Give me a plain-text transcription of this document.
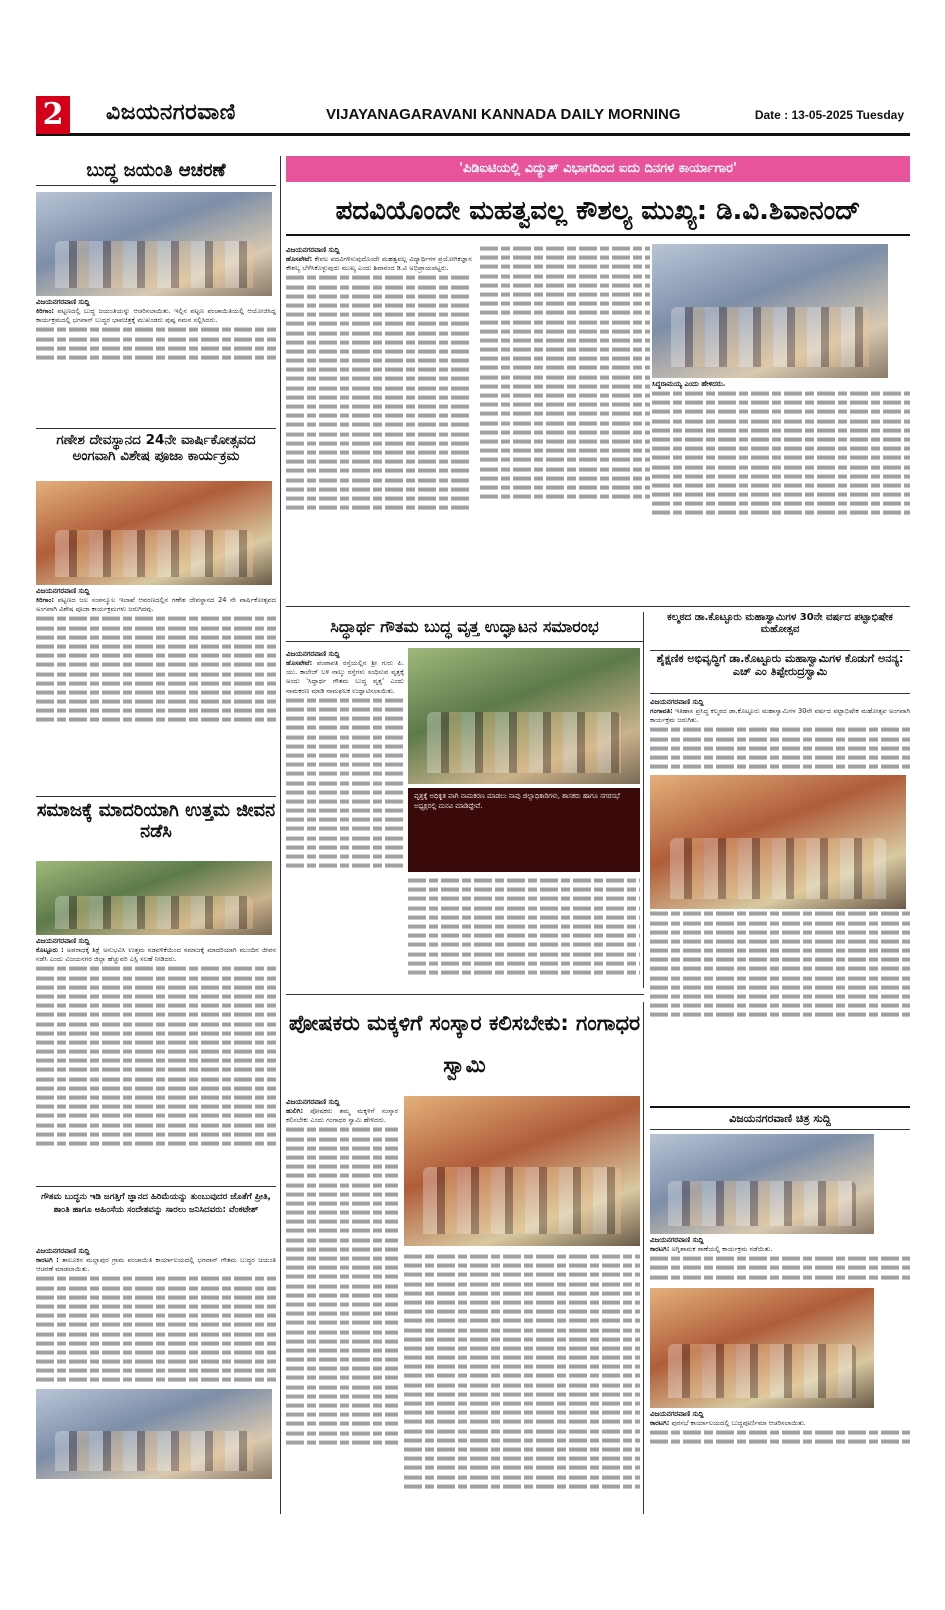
2 ವಿಜಯನಗರವಾಣಿ	VIJAYANAGARAVANI KANNADA DAILY MORNING	Date : 13-05-2025 Tuesday
ಬುದ್ಧ ಜಯಂತಿ ಆಚರಣೆ
ವಿಜಯನಗರವಾಣಿ ಸುದ್ದಿ
ಕಿರಿಗಾಂ: ಪಟ್ಟಣದಲ್ಲಿ ಬುದ್ಧ ಜಯಂತಿಯನ್ನು ಆಚರಿಸಲಾಯಿತು. ಇಲ್ಲಿನ ಪಟ್ಟಣ ಪಂಚಾಯಿತಿಯಲ್ಲಿ ಆಯೋಜಿಸಿದ್ದ ಕಾರ್ಯಕ್ರಮದಲ್ಲಿ ಭಗವಾನ್ ಬುದ್ಧರ ಭಾವಚಿತ್ರಕ್ಕೆ ಮುಖಂಡರು ಪುಷ್ಪ ನಮನ ಸಲ್ಲಿಸಿದರು.
ಗಣೇಶ ದೇವಸ್ಥಾನದ 24ನೇ ವಾರ್ಷಿಕೋತ್ಸವದ ಅಂಗವಾಗಿ ವಿಶೇಷ ಪೂಜಾ ಕಾರ್ಯಕ್ರಮ
ವಿಜಯನಗರವಾಣಿ ಸುದ್ದಿ
ಕಿರಿಗಾಂ: ಪಟ್ಟಣದ ಜಲ ಸಂಪನ್ಮೂಲ ಇಲಾಖೆ ಆವರಣದಲ್ಲಿನ ಗಣೇಶ ದೇವಸ್ಥಾನದ 24 ನೇ ವಾರ್ಷಿಕೋತ್ಸವದ ಅಂಗವಾಗಿ ವಿಶೇಷ ಪೂಜಾ ಕಾರ್ಯಕ್ರಮಗಳು ಜರುಗಿದವು.
ಸಮಾಜಕ್ಕೆ ಮಾದರಿಯಾಗಿ ಉತ್ತಮ ಜೀವನ ನಡೆಸಿ
ವಿಜಯನಗರವಾಣಿ ಸುದ್ದಿ
ಕೊಟ್ಟೂರು : ಅಪರಾಧಕ್ಕೆ ಶಿಕ್ಷೆ ಅನುಭವಿಸಿ ಉತ್ತಮ ನಡವಳಿಕೆಯಿಂದ ಸಮಾಜಕ್ಕೆ ಮಾದರಿಯಾಗಿ ಮುಂದಿನ ಜೀವನ ನಡೆಸಿ ಎಂದು ವಿಜಯನಗರ ಜಿಲ್ಲಾ ಹೆಚ್ಚುವರಿ ಎಸ್ಪಿ ಸಲಹೆ ನೀಡಿದರು.
ಗೌತಮ ಬುದ್ಧನು ಇಡಿ ಜಗತ್ತಿಗೆ ಜ್ಞಾನದ ಹಿರಿಮೆಯನ್ನು ತುಂಬುವುದರ ಜೊತೆಗೆ ಪ್ರೀತಿ, ಶಾಂತಿ ಹಾಗೂ ಅಹಿಂಸೆಯ ಸಂದೇಶವನ್ನು ಸಾರಲು ಜನಿಸಿದವರು: ವೆಂಕಟೇಶ್
ವಿಜಯನಗರವಾಣಿ ಸುದ್ದಿ
ಕಾರಟಗಿ : ತಾಲೂಕಿನ ಮಲ್ಲಾಪುರ ಗ್ರಾಮ ಪಂಚಾಯಿತಿ ಕಾರ್ಯಾಲಯದಲ್ಲಿ ಭಗವಾನ್ ಗೌತಮ ಬುದ್ಧರ ಜಯಂತಿ ಆಚರಣೆ ಮಾಡಲಾಯಿತು.
'ಪಿಡಿಐಟಿಯಲ್ಲಿ ವಿದ್ಯುತ್ ವಿಭಾಗದಿಂದ ಐದು ದಿನಗಳ ಕಾರ್ಯಾಗಾರ'
ಪದವಿಯೊಂದೇ ಮಹತ್ವವಲ್ಲ ಕೌಶಲ್ಯ ಮುಖ್ಯ: ಡಿ.ವಿ.ಶಿವಾನಂದ್
ವಿಜಯನಗರವಾಣಿ ಸುದ್ದಿ
ಹೊಸಪೇಟೆ: ಕೇವಲ ಪದವಿಗಳಿಸುವುದೊಂದೇ ಮಹತ್ವವಲ್ಲ ವಿದ್ಯಾರ್ಥಿಗಳ ಪ್ರಯೋಗಿಕಜ್ಞಾನ ಕೌಶಲ್ಯ ಬೆಳೆಸಿಕೊಳ್ಳುವುದು ಮುಖ್ಯ ಎಂದು ಶಿವಾನಂದ ಡಿ.ವಿ ಅಭಿಪ್ರಾಯಪಟ್ಟರು.
ಸಿದ್ಧರಾಮಯ್ಯ ಎಂದು ಹೇಳಿದರು.
ಸಿದ್ಧಾರ್ಥ ಗೌತಮ ಬುದ್ಧ ವೃತ್ತ ಉದ್ಘಾಟನ ಸಮಾರಂಭ
ವಿಜಯನಗರವಾಣಿ ಸುದ್ದಿ
ಹೊಸಪೇಟೆ: ಪಂಪಾಪತಿ ರಸ್ತೆಯಲ್ಲಿನ ಶ್ರೀ ಗುರು ಪಿ. ಯು. ಕಾಲೇಜ್ ಬಳಿ ನಾಲ್ಕು ರಸ್ತೆಗಳು ಸಂಧಿಸುವ ವೃತ್ತಕ್ಕೆ ಅಂದು 'ಸಿದ್ಧಾರ್ಥ ಗೌತಮ ಬುದ್ಧ ವೃತ್ತ' ಎಂದು ನಾಮಕರಣ ಮಾಡಿ ನಾಮಫಲಕ ಉದ್ಘಾಟಿಸಲಾಯಿತು.
ವೃತ್ತಕ್ಕೆ ಅಧಿಕೃತ ವಾಗಿ ನಾಮಕರಣ ಮಾಡಲು ನಾವು ಜಿಲ್ಲಾಧಿಕಾರಿಗಳು, ಶಾಸಕರು ಹಾಗೂ ನಗರಸಭೆ ಅಧ್ಯಕ್ಷರಲ್ಲಿ ಮನವಿ ಮಾಡಿದ್ದೇವೆ.
ಕಲ್ಮಠದ ಡಾ.ಕೊಟ್ಟೂರು ಮಹಾಸ್ವಾಮಿಗಳ 30ನೇ ವರ್ಷದ ಪಟ್ಟಾಭಿಷೇಕ ಮಹೋತ್ಸವ
ಶೈಕ್ಷಣಿಕ ಅಭಿವೃದ್ಧಿಗೆ ಡಾ.ಕೊಟ್ಟೂರು ಮಹಾಸ್ವಾಮಿಗಳ ಕೊಡುಗೆ ಅನನ್ಯ: ಎಚ್ ಎಂ ತಿಪ್ಪೇರುದ್ರಸ್ವಾಮಿ
ವಿಜಯನಗರವಾಣಿ ಸುದ್ದಿ
ಗಂಗಾವತಿ: ಇತಿಹಾಸ ಪ್ರಸಿದ್ಧ ಕಲ್ಮಠದ ಡಾ.ಕೊಟ್ಟೂರು ಮಹಾಸ್ವಾಮಿಗಳ 30ನೇ ವರ್ಷದ ಪಟ್ಟಾಭಿಷೇಕ ಮಹೋತ್ಸವ ಅಂಗವಾಗಿ ಕಾರ್ಯಕ್ರಮ ಜರುಗಿತು.
ಪೋಷಕರು ಮಕ್ಕಳಿಗೆ ಸಂಸ್ಕಾರ ಕಲಿಸಬೇಕು: ಗಂಗಾಧರ ಸ್ವಾಮಿ
ವಿಜಯನಗರವಾಣಿ ಸುದ್ದಿ
ಹುಲಿಗಿ: ಪೋಷಕರು ತಮ್ಮ ಮಕ್ಕಳಿಗೆ ಸಂಸ್ಕಾರ ಕಲಿಸಬೇಕು ಎಂದು ಗಂಗಾಧರ ಸ್ವಾಮಿ ಹೇಳಿದರು.	ವಿಜಯನಗರವಾಣಿ ಚಿತ್ರ ಸುದ್ದಿ
ವಿಜಯನಗರವಾಣಿ ಸುದ್ದಿ
ಕಾರಟಗಿ: ಅಗ್ನಿಶಾಮಕ ಠಾಣೆಯಲ್ಲಿ ಕಾರ್ಯಕ್ರಮ ನಡೆಯಿತು.
ವಿಜಯನಗರವಾಣಿ ಸುದ್ದಿ
ಕಾರಟಗಿ: ಪುರಸಭೆ ಕಾರ್ಯಾಲಯದಲ್ಲಿ ಬುದ್ಧಪೂರ್ಣಿಮಾ ಆಚರಿಸಲಾಯಿತು.
